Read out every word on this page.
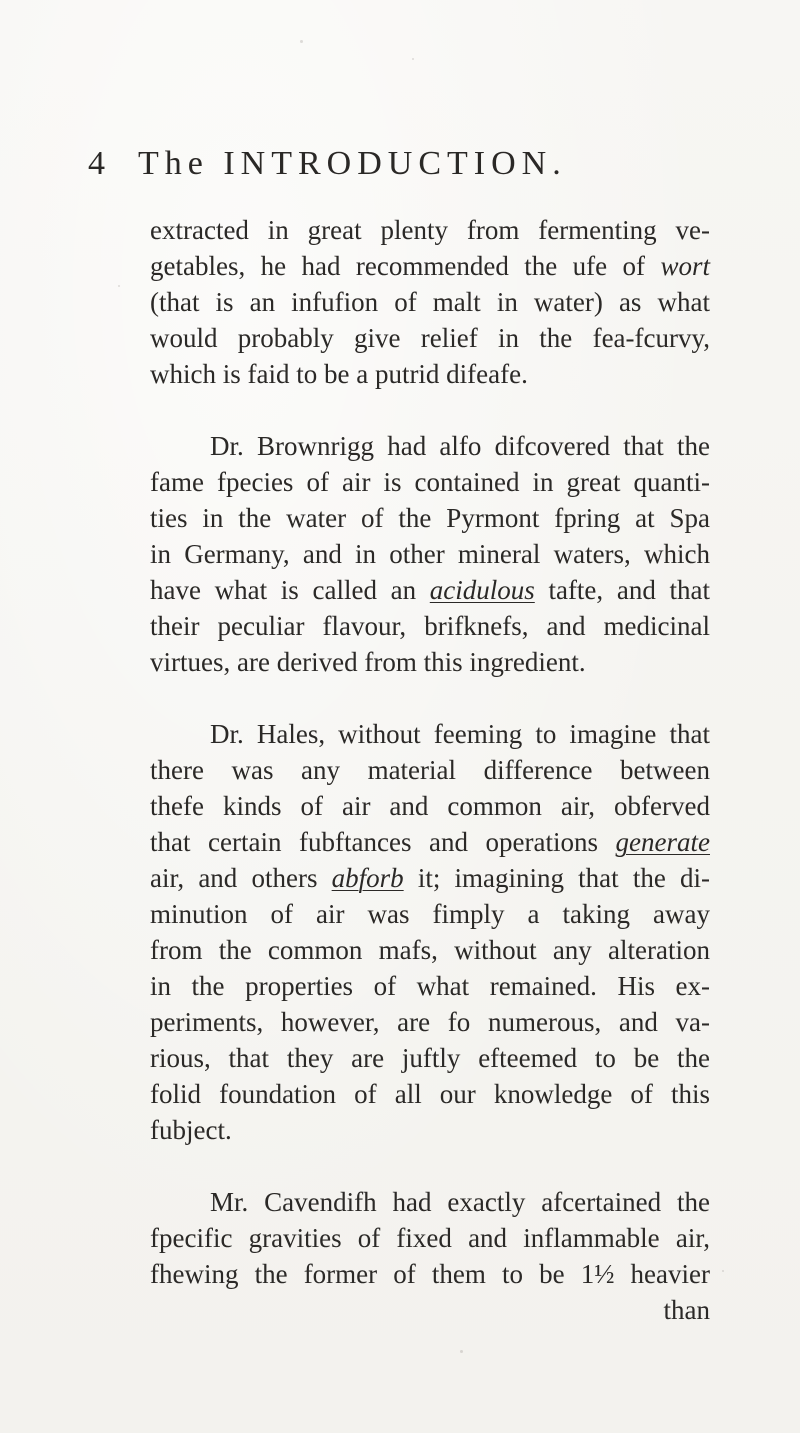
4 The INTRODUCTION.
extracted in great plenty from fermenting ve-
getables, he had recommended the ufe of wort
(that is an infufion of malt in water) as what
would probably give relief in the fea-fcurvy,
which is faid to be a putrid difeafe.
Dr. Brownrigg had alfo difcovered that the
fame fpecies of air is contained in great quanti-
ties in the water of the Pyrmont fpring at Spa
in Germany, and in other mineral waters, which
have what is called an acidulous tafte, and that
their peculiar flavour, brifknefs, and medicinal
virtues, are derived from this ingredient.
Dr. Hales, without feeming to imagine that
there was any material difference between
thefe kinds of air and common air, obferved
that certain fubftances and operations generate
air, and others abforb it; imagining that the di-
minution of air was fimply a taking away
from the common mafs, without any alteration
in the properties of what remained. His ex-
periments, however, are fo numerous, and va-
rious, that they are juftly efteemed to be the
folid foundation of all our knowledge of this
fubject.
Mr. Cavendifh had exactly afcertained the
fpecific gravities of fixed and inflammable air,
fhewing the former of them to be 1½ heavier
than
